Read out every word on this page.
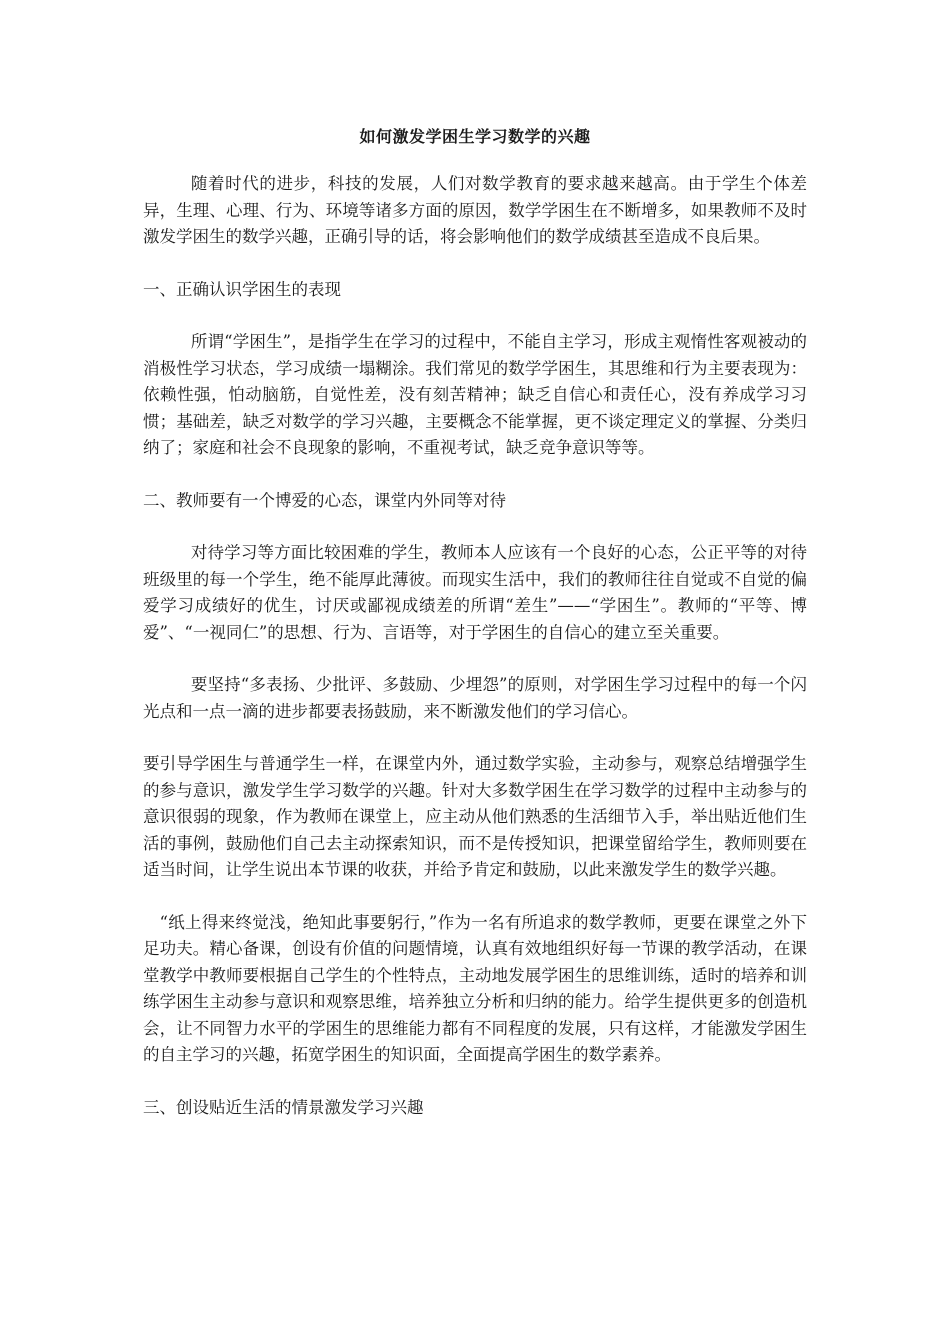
如何激发学困生学习数学的兴趣

随着时代的进步，科技的发展，人们对数学教育的要求越来越高。由于学生个体差异，生理、心理、行为、环境等诸多方面的原因，数学学困生在不断增多，如果教师不及时激发学困生的数学兴趣，正确引导的话，将会影响他们的数学成绩甚至造成不良后果。

一、正确认识学困生的表现

所谓“学困生”，是指学生在学习的过程中，不能自主学习，形成主观惰性客观被动的消极性学习状态，学习成绩一塌糊涂。我们常见的数学学困生，其思维和行为主要表现为：依赖性强，怕动脑筋，自觉性差，没有刻苦精神；缺乏自信心和责任心，没有养成学习习惯；基础差，缺乏对数学的学习兴趣，主要概念不能掌握，更不谈定理定义的掌握、分类归纳了；家庭和社会不良现象的影响，不重视考试，缺乏竞争意识等等。

二、教师要有一个博爱的心态，课堂内外同等对待

对待学习等方面比较困难的学生，教师本人应该有一个良好的心态，公正平等的对待班级里的每一个学生，绝不能厚此薄彼。而现实生活中，我们的教师往往自觉或不自觉的偏爱学习成绩好的优生，讨厌或鄙视成绩差的所谓“差生”——“学困生”。教师的“平等、博爱”、“一视同仁”的思想、行为、言语等，对于学困生的自信心的建立至关重要。

要坚持“多表扬、少批评、多鼓励、少埋怨”的原则，对学困生学习过程中的每一个闪光点和一点一滴的进步都要表扬鼓励，来不断激发他们的学习信心。

要引导学困生与普通学生一样，在课堂内外，通过数学实验，主动参与，观察总结增强学生的参与意识，激发学生学习数学的兴趣。针对大多数学困生在学习数学的过程中主动参与的意识很弱的现象，作为教师在课堂上，应主动从他们熟悉的生活细节入手，举出贴近他们生活的事例，鼓励他们自己去主动探索知识，而不是传授知识，把课堂留给学生，教师则要在适当时间，让学生说出本节课的收获，并给予肯定和鼓励，以此来激发学生的数学兴趣。

“纸上得来终觉浅，绝知此事要躬行，”作为一名有所追求的数学教师，更要在课堂之外下足功夫。精心备课，创设有价值的问题情境，认真有效地组织好每一节课的教学活动，在课堂教学中教师要根据自己学生的个性特点，主动地发展学困生的思维训练，适时的培养和训练学困生主动参与意识和观察思维，培养独立分析和归纳的能力。给学生提供更多的创造机会，让不同智力水平的学困生的思维能力都有不同程度的发展，只有这样，才能激发学困生的自主学习的兴趣，拓宽学困生的知识面，全面提高学困生的数学素养。

三、创设贴近生活的情景激发学习兴趣
